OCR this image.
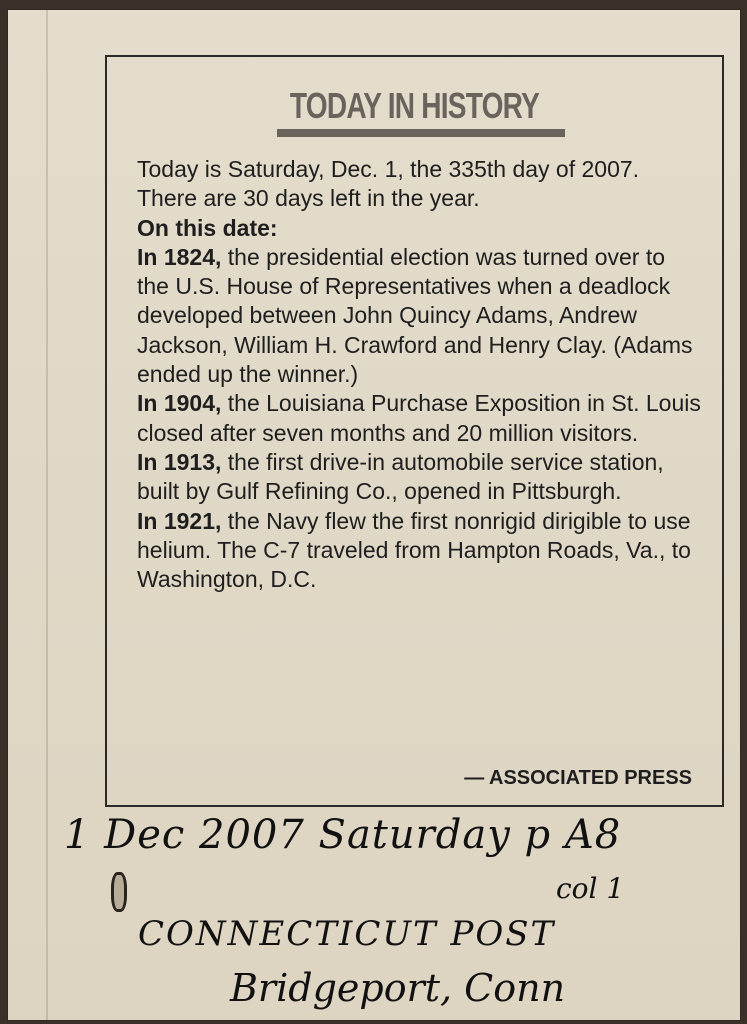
TODAY IN HISTORY

Today is Saturday, Dec. 1, the 335th day of 2007. There are 30 days left in the year.

On this date:

In 1824, the presidential election was turned over to the U.S. House of Representatives when a deadlock developed between John Quincy Adams, Andrew Jackson, William H. Crawford and Henry Clay. (Adams ended up the winner.)

In 1904, the Louisiana Purchase Exposition in St. Louis closed after seven months and 20 million visitors.

In 1913, the first drive-in automobile service station, built by Gulf Refining Co., opened in Pittsburgh.

In 1921, the Navy flew the first nonrigid dirigible to use helium. The C-7 traveled from Hampton Roads, Va., to Washington, D.C.

— ASSOCIATED PRESS
1 Dec 2007 Saturday p A8
col 1
CONNECTICUT POST
Bridgeport, Conn
